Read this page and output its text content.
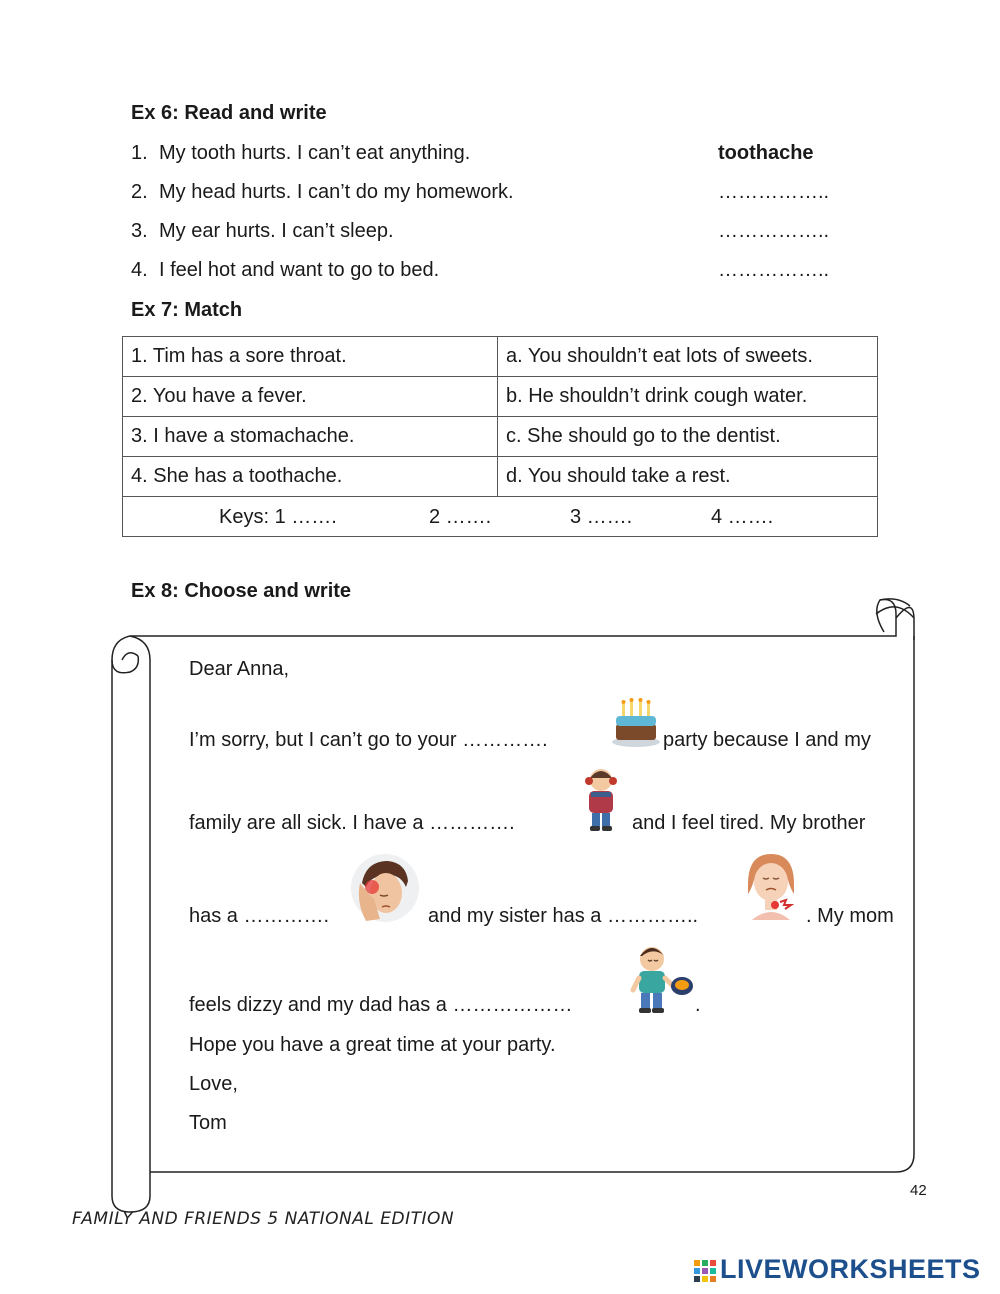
Ex 6: Read and write
1. My tooth hurts. I can’t eat anything.	toothache
2. My head hurts. I can’t do my homework.	……………..
3. My ear hurts. I can’t sleep.	……………..
4. I feel hot and want to go to bed.	……………..
Ex 7: Match
1. Tim has a sore throat.	a. You shouldn’t eat lots of sweets.
2. You have a fever.	b. He shouldn’t drink cough water.
3. I have a stomachache.	c. She should go to the dentist.
4. She has a toothache.	d. You should take a rest.

Keys: 1 ……. 2 ……. 3 ……. 4 …….	
Ex 8: Choose and write
Dear Anna,
I’m sorry, but I can’t go to your ………….	party because I and my
family are all sick. I have a ………….	and I feel tired. My brother
has a ………….	and my sister has a …………..	. My mom
feels dizzy and my dad has a ………………	.
Hope you have a great time at your party.
Love,
Tom
42
FAMILY AND FRIENDS 5 NATIONAL EDITION
LIVEWORKSHEETS
